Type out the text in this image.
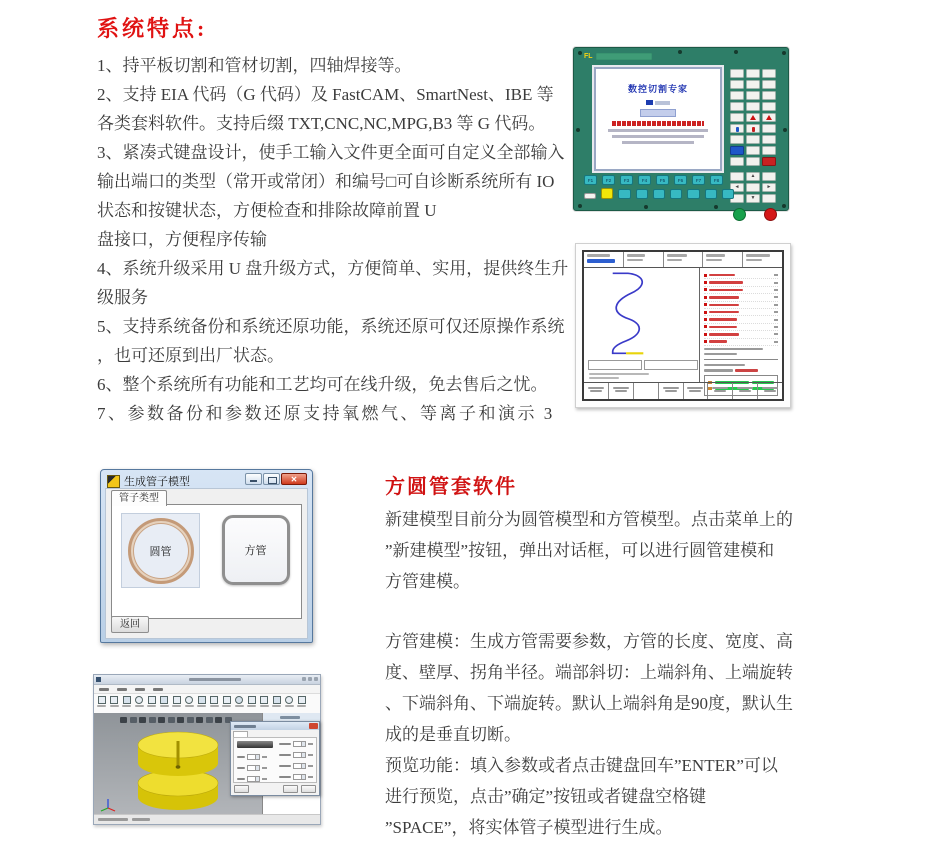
系统特点:
1、持平板切割和管材切割，四轴焊接等。
2、支持 EIA 代码（G 代码）及 FastCAM、SmartNest、IBE 等
各类套料软件。支持后缀 TXT,CNC,NC,MPG,B3 等 G 代码。
3、紧凑式键盘设计，使手工输入文件更全面可自定义全部输入
输出端口的类型（常开或常闭）和编号□可自诊断系统所有 IO
状态和按键状态，方便检查和排除故障前置 U
盘接口，方便程序传输
4、系统升级采用 U 盘升级方式，方便简单、实用，提供终生升
级服务
5、支持系统备份和系统还原功能，系统还原可仅还原操作系统
，也可还原到出厂状态。
6、整个系统所有功能和工艺均可在线升级，免去售后之忧。
7、参数备份和参数还原支持氧燃气、等离子和演示 3
FL
数控切割专家
▲
◄	►
▼
F1	F2	F3	F4	F5	F6	F7	F8
生成管子模型
✕
管子类型
圆管	方管
返回
方圆管套软件
新建模型目前分为圆管模型和方管模型。点击菜单上的
”新建模型”按钮，弹出对话框，可以进行圆管建模和
方管建模。
方管建模：生成方管需要参数，方管的长度、宽度、高
度、壁厚、拐角半径。端部斜切：上端斜角、上端旋转
、下端斜角、下端旋转。默认上端斜角是90度，默认生
成的是垂直切断。
预览功能：填入参数或者点击键盘回车”ENTER”可以
进行预览，点击”确定”按钮或者键盘空格键
”SPACE”，将实体管子模型进行生成。
